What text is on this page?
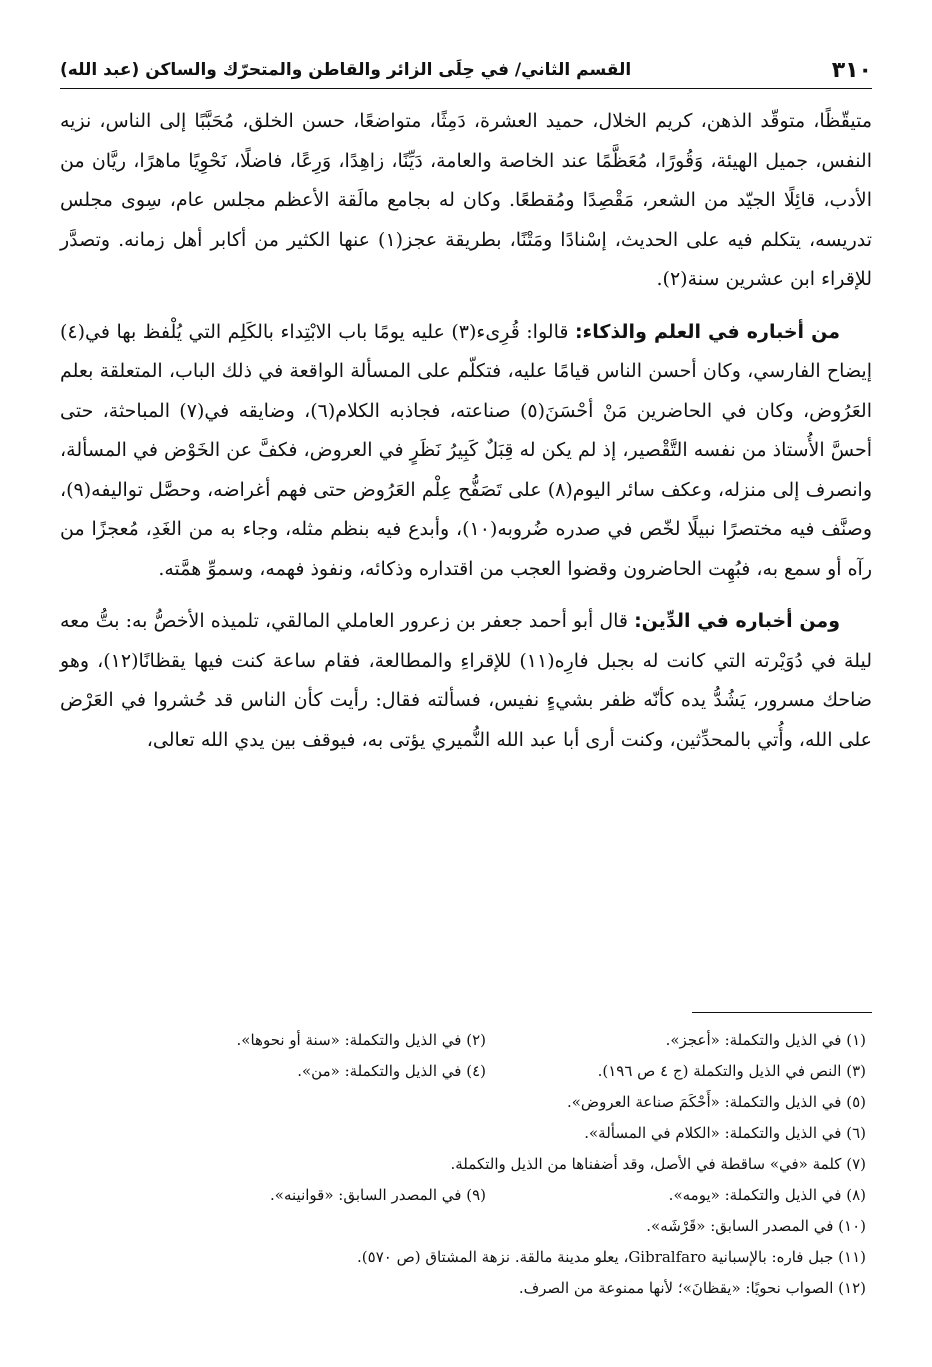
٣١٠
القسم الثاني/ في حِلَى الزائر والقاطن والمتحرّك والساكن (عبد الله)

متيقّظًا، متوقّد الذهن، كريم الخلال، حميد العشرة، دَمِثًا، متواضعًا، حسن الخلق، مُحَبَّبًا إلى الناس، نزيه النفس، جميل الهيئة، وَقُورًا، مُعَظَّمًا عند الخاصة والعامة، دَيِّنًا، زاهِدًا، وَرِعًا، فاضلًا، نَحْوِيًا ماهرًا، ريَّان من الأدب، قائِلًا الجيّد من الشعر، مَقْصِدًا ومُقطعًا. وكان له بجامع مالَقة الأعظم مجلس عام، سِوى مجلس تدريسه، يتكلم فيه على الحديث، إسْنادًا ومَتْنًا، بطريقة عجز(١) عنها الكثير من أكابر أهل زمانه. وتصدَّر للإقراء ابن عشرين سنة(٢).

من أخباره في العلم والذكاء: قالوا: قُرِىء(٣) عليه يومًا باب الابْتِداء بالكَلِم التي يُلْفظ بها في(٤) إيضاح الفارسي، وكان أحسن الناس قيامًا عليه، فتكلّم على المسألة الواقعة في ذلك الباب، المتعلقة بعلم العَرُوض، وكان في الحاضرين مَنْ أحْسَنَ(٥) صناعته، فجاذبه الكلام(٦)، وضايقه في(٧) المباحثة، حتى أحسَّ الأُستاذ من نفسه التَّقْصير، إذ لم يكن له قِبَلٌ كَبِيرُ نَظَرٍ في العروض، فكفَّ عن الخَوْض في المسألة، وانصرف إلى منزله، وعكف سائر اليوم(٨) على تَصَفُّح عِلْم العَرُوض حتى فهم أغراضه، وحصَّل تواليفه(٩)، وصنَّف فيه مختصرًا نبيلًا لخّص في صدره ضُروبه(١٠)، وأبدع فيه بنظم مثله، وجاء به من الغَدِ، مُعجزًا من رآه أو سمع به، فبُهِت الحاضرون وقضوا العجب من اقتداره وذكائه، ونفوذ فهمه، وسموِّ همَّته.

ومن أخباره في الدِّين: قال أبو أحمد جعفر بن زعرور العاملي المالقي، تلميذه الأخصُّ به: بتُّ معه ليلة في دُوَيْرته التي كانت له بجبل فارِه(١١) للإقراءِ والمطالعة، فقام ساعة كنت فيها يقظانًا(١٢)، وهو ضاحك مسرور، يَشُدُّ يده كأنّه ظفر بشيءٍ نفيس، فسألته فقال: رأيت كأن الناس قد حُشروا في العَرْض على الله، وأُتي بالمحدِّثين، وكنت أرى أبا عبد الله النُّميري يؤتى به، فيوقف بين يدي الله تعالى،

(١) في الذيل والتكملة: «أعجز».
(٢) في الذيل والتكملة: «سنة أو نحوها».
(٣) النص في الذيل والتكملة (ج ٤ ص ١٩٦).
(٤) في الذيل والتكملة: «من».
(٥) في الذيل والتكملة: «أَحْكَمَ صناعة العروض».
(٦) في الذيل والتكملة: «الكلام في المسألة».
(٧) كلمة «في» ساقطة في الأصل، وقد أضفناها من الذيل والتكملة.
(٨) في الذيل والتكملة: «يومه».
(٩) في المصدر السابق: «قوانينه».
(١٠) في المصدر السابق: «قَرْشَه».
(١١) جبل فاره: بالإسبانية Gibralfaro، يعلو مدينة مالقة. نزهة المشتاق (ص ٥٧٠).
(١٢) الصواب نحويًا: «يقظانَ»؛ لأنها ممنوعة من الصرف.
